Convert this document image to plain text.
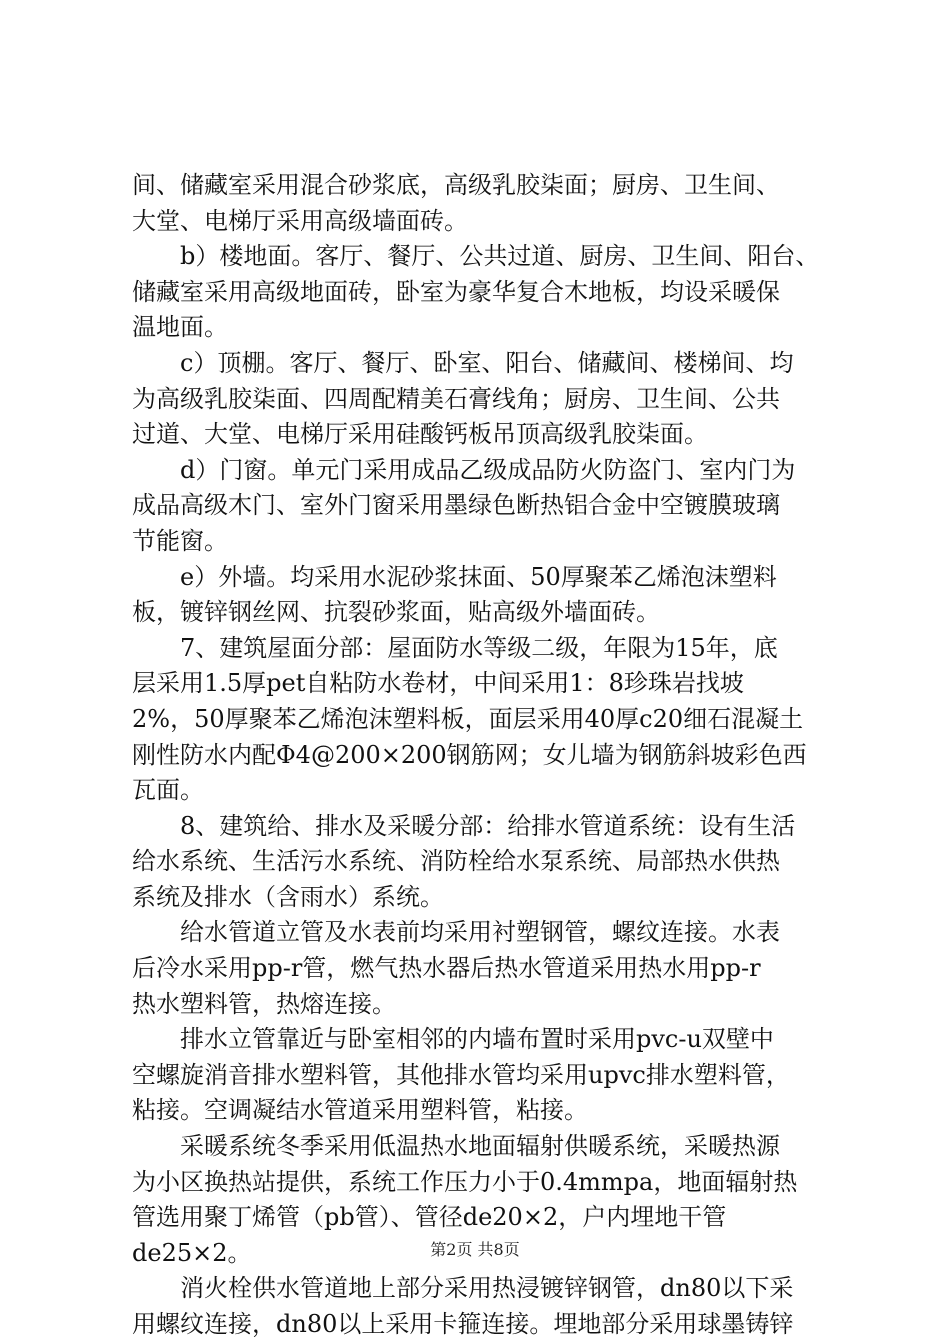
间、储藏室采用混合砂浆底，高级乳胶柒面；厨房、卫生间、
大堂、电梯厅采用高级墙面砖。
b）楼地面。客厅、餐厅、公共过道、厨房、卫生间、阳台、
储藏室采用高级地面砖，卧室为豪华复合木地板，均设采暖保
温地面。
c）顶棚。客厅、餐厅、卧室、阳台、储藏间、楼梯间、均
为高级乳胶柒面、四周配精美石膏线角；厨房、卫生间、公共
过道、大堂、电梯厅采用硅酸钙板吊顶高级乳胶柒面。
d）门窗。单元门采用成品乙级成品防火防盗门、室内门为
成品高级木门、室外门窗采用墨绿色断热铝合金中空镀膜玻璃
节能窗。
e）外墙。均采用水泥砂浆抹面、50厚聚苯乙烯泡沫塑料
板，镀锌钢丝网、抗裂砂浆面，贴高级外墙面砖。
7、建筑屋面分部：屋面防水等级二级，年限为15年，底
层采用1.5厚pet自粘防水卷材，中间采用1：8珍珠岩找坡
2%，50厚聚苯乙烯泡沫塑料板，面层采用40厚c20细石混凝土
刚性防水内配Φ4@200×200钢筋网；女儿墙为钢筋斜坡彩色西
瓦面。
8、建筑给、排水及采暖分部：给排水管道系统：设有生活
给水系统、生活污水系统、消防栓给水泵系统、局部热水供热
系统及排水（含雨水）系统。
给水管道立管及水表前均采用衬塑钢管，螺纹连接。水表
后冷水采用pp-r管，燃气热水器后热水管道采用热水用pp-r
热水塑料管，热熔连接。
排水立管靠近与卧室相邻的内墙布置时采用pvc-u双壁中
空螺旋消音排水塑料管，其他排水管均采用upvc排水塑料管，
粘接。空调凝结水管道采用塑料管，粘接。
采暖系统冬季采用低温热水地面辐射供暖系统，采暖热源
为小区换热站提供，系统工作压力小于0.4mmpa，地面辐射热
管选用聚丁烯管（pb管）、管径de20×2，户内埋地干管
de25×2。
消火栓供水管道地上部分采用热浸镀锌钢管，dn80以下采
用螺纹连接，dn80以上采用卡箍连接。埋地部分采用球墨铸锌
第2页 共8页
